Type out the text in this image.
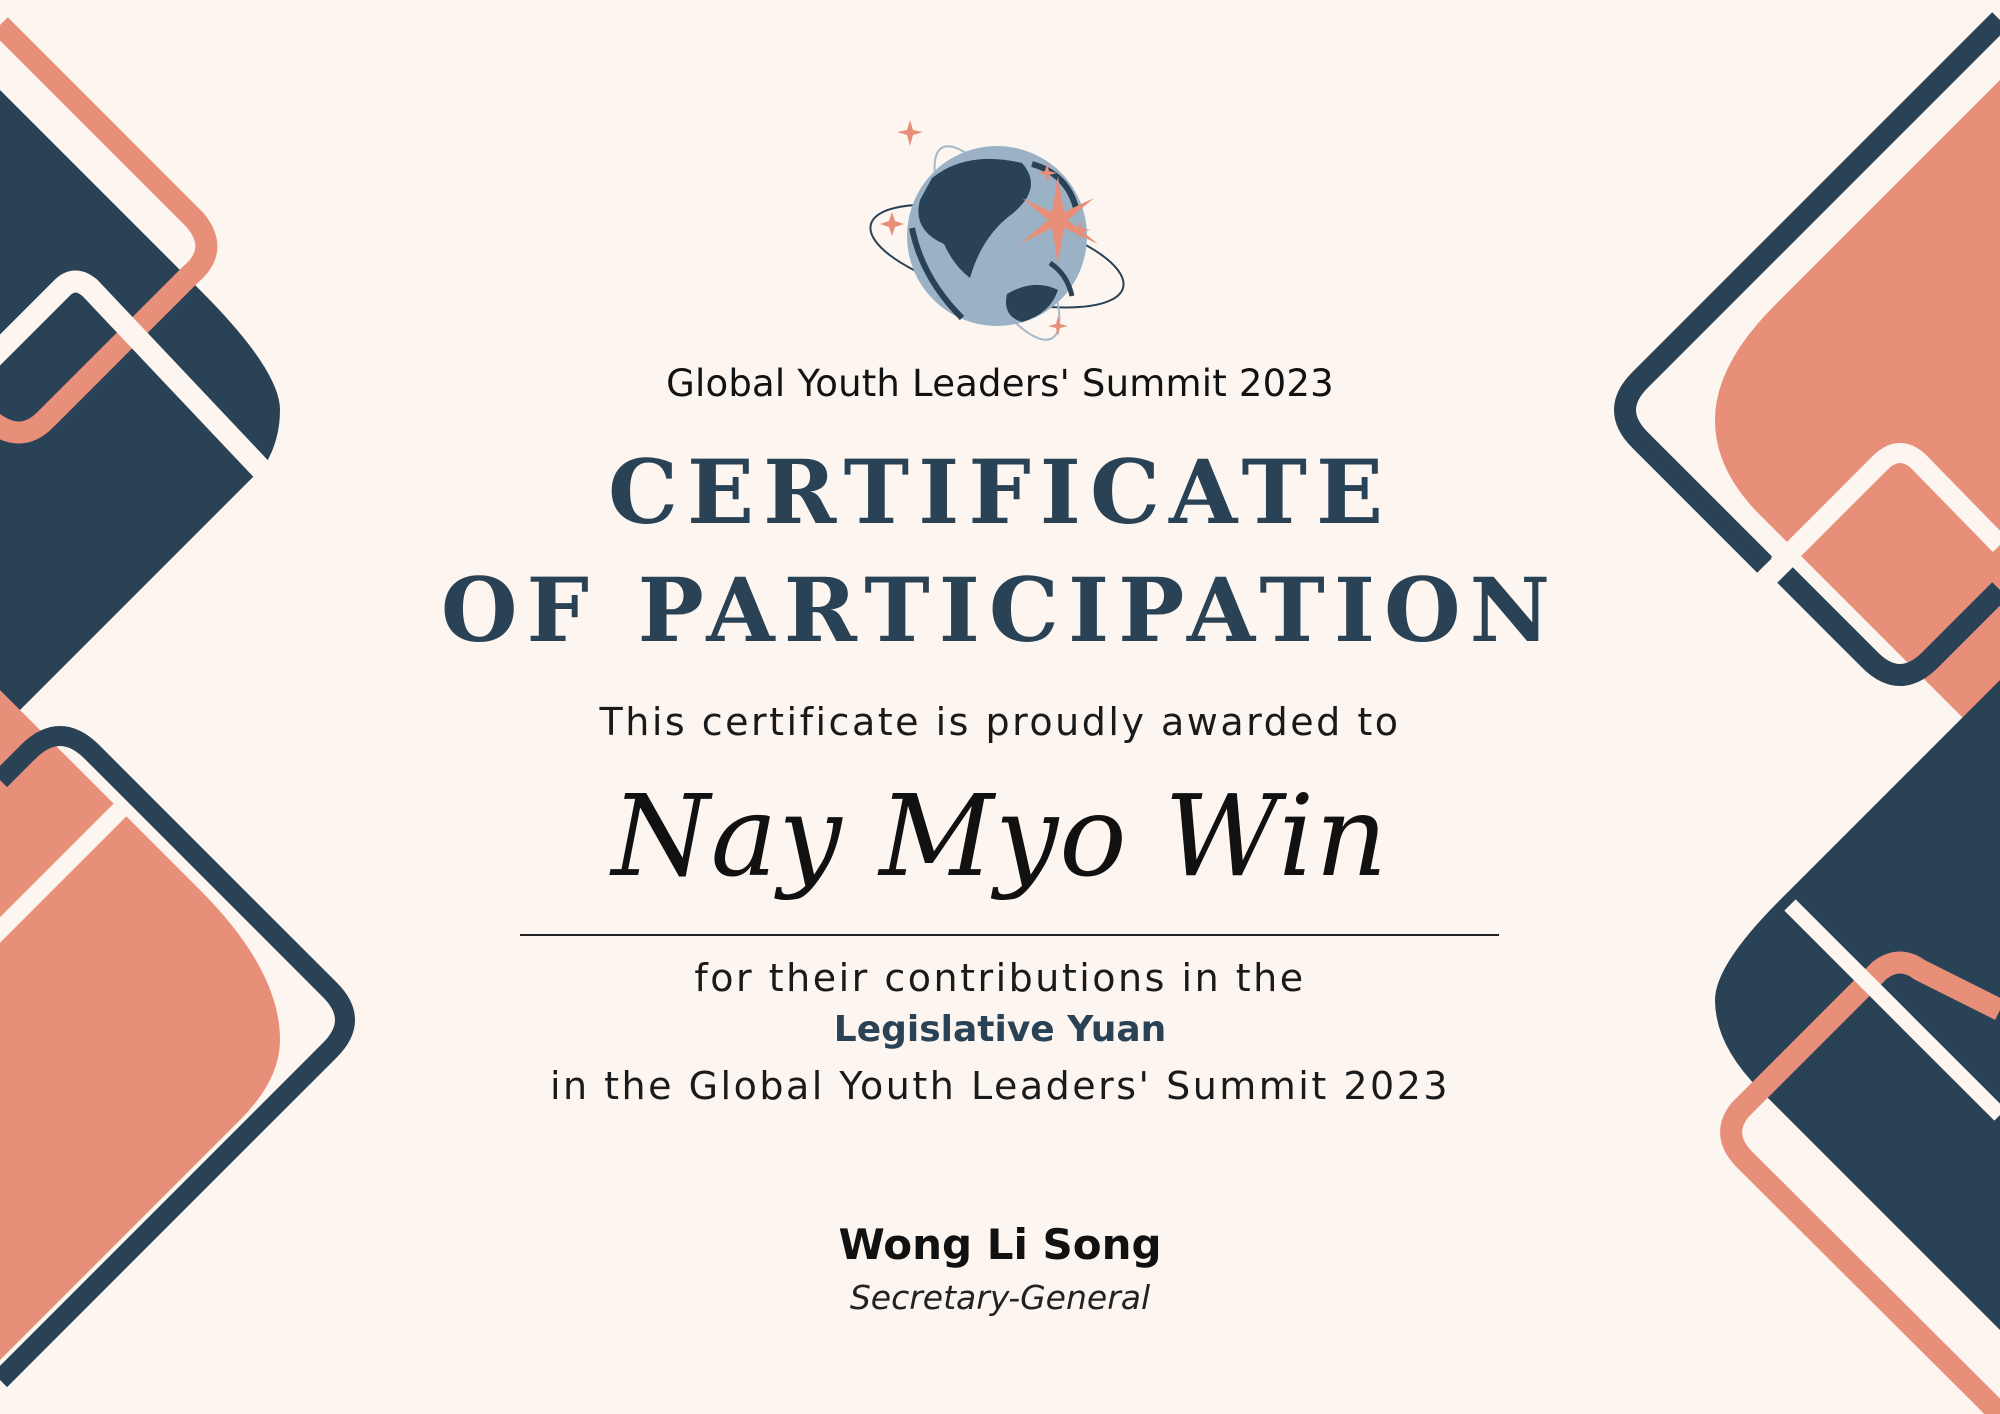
Global Youth Leaders' Summit 2023
CERTIFICATE
OF PARTICIPATION
This certificate is proudly awarded to
Nay Myo Win
for their contributions in the
Legislative Yuan
in the Global Youth Leaders' Summit 2023
Wong Li Song
Secretary-General
